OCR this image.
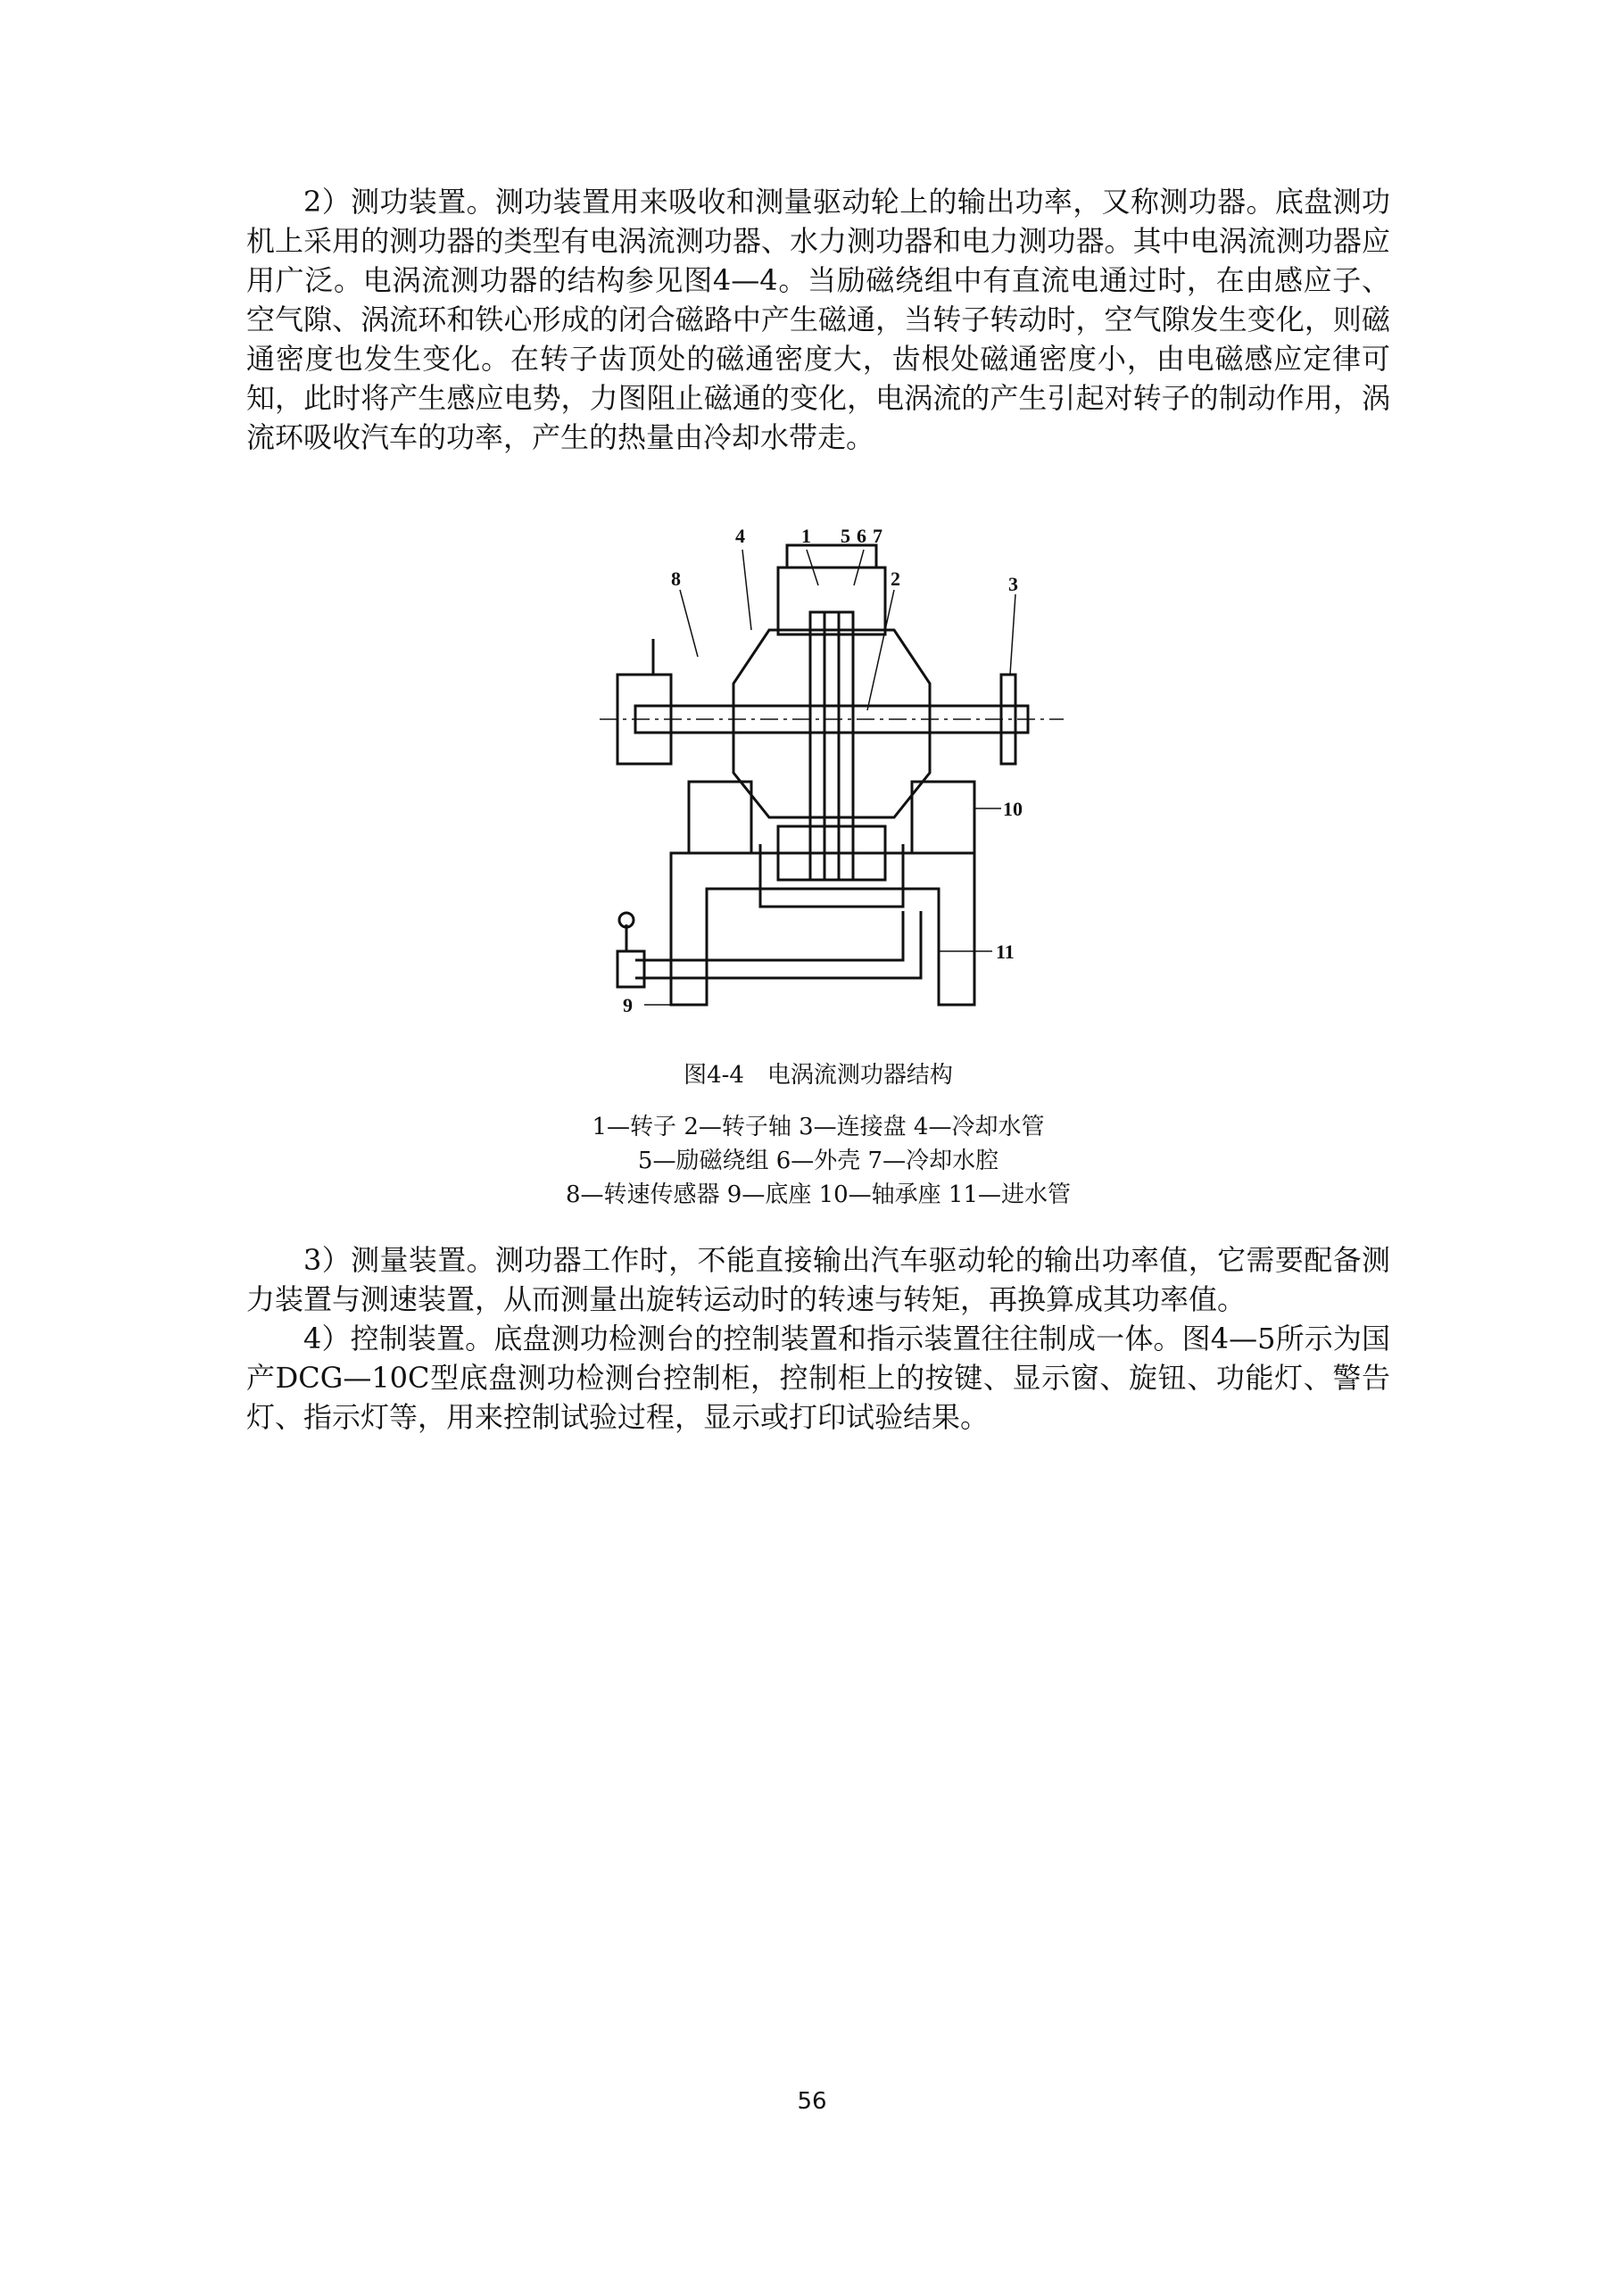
2）测功装置。测功装置用来吸收和测量驱动轮上的输出功率，又称测功器。底盘测功机上采用的测功器的类型有电涡流测功器、水力测功器和电力测功器。其中电涡流测功器应用广泛。电涡流测功器的结构参见图4—4。当励磁绕组中有直流电通过时，在由感应子、空气隙、涡流环和铁心形成的闭合磁路中产生磁通，当转子转动时，空气隙发生变化，则磁通密度也发生变化。在转子齿顶处的磁通密度大，齿根处磁通密度小，由电磁感应定律可知，此时将产生感应电势，力图阻止磁通的变化，电涡流的产生引起对转子的制动作用，涡流环吸收汽车的功率，产生的热量由冷却水带走。

8
4	1 5 6 7
2	3
10
11
9

图4-4　电涡流测功器结构

1—转子 2—转子轴 3—连接盘 4—冷却水管

5—励磁绕组 6—外壳 7—冷却水腔

8—转速传感器 9—底座 10—轴承座 11—进水管

3）测量装置。测功器工作时，不能直接输出汽车驱动轮的输出功率值，它需要配备测力装置与测速装置，从而测量出旋转运动时的转速与转矩，再换算成其功率值。

4）控制装置。底盘测功检测台的控制装置和指示装置往往制成一体。图4—5所示为国产DCG—10C型底盘测功检测台控制柜，控制柜上的按键、显示窗、旋钮、功能灯、警告灯、指示灯等，用来控制试验过程，显示或打印试验结果。

56
